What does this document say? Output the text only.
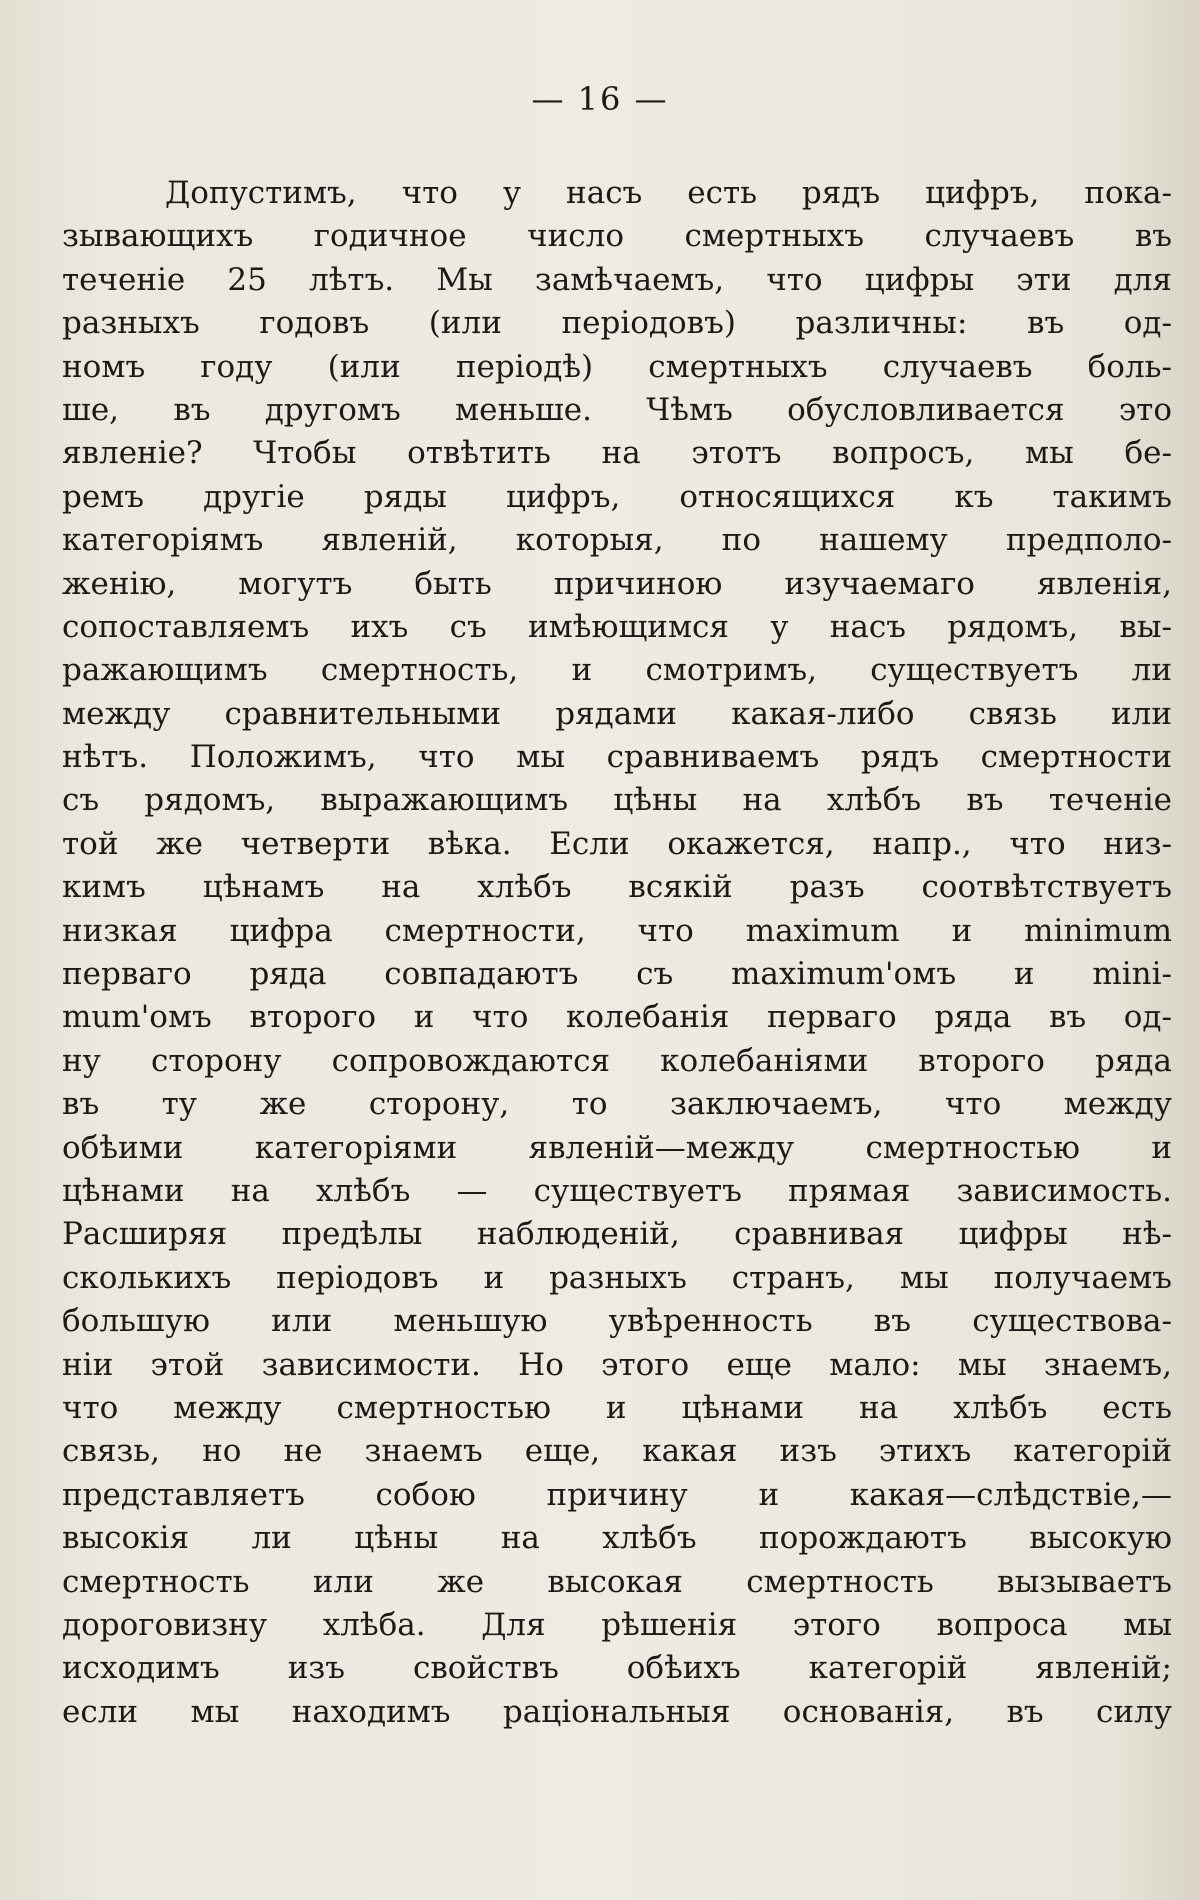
— 16 —
Допустимъ, что у насъ есть рядъ цифръ, пока-
зывающихъ годичное число смертныхъ случаевъ въ
теченіе 25 лѣтъ. Мы замѣчаемъ, что цифры эти для
разныхъ годовъ (или періодовъ) различны: въ од-
номъ году (или періодѣ) смертныхъ случаевъ боль-
ше, въ другомъ меньше. Чѣмъ обусловливается это
явленіе? Чтобы отвѣтить на этотъ вопросъ, мы бе-
ремъ другіе ряды цифръ, относящихся къ такимъ
категоріямъ явленій, которыя, по нашему предполо-
женію, могутъ быть причиною изучаемаго явленія,
сопоставляемъ ихъ съ имѣющимся у насъ рядомъ, вы-
ражающимъ смертность, и смотримъ, существуетъ ли
между сравнительными рядами какая-либо связь или
нѣтъ. Положимъ, что мы сравниваемъ рядъ смертности
съ рядомъ, выражающимъ цѣны на хлѣбъ въ теченіе
той же четверти вѣка. Если окажется, напр., что низ-
кимъ цѣнамъ на хлѣбъ всякій разъ соотвѣтствуетъ
низкая цифра смертности, что maximum и minimum
перваго ряда совпадаютъ съ maximum'омъ и mini-
mum'омъ второго и что колебанія перваго ряда въ од-
ну сторону сопровождаются колебаніями второго ряда
въ ту же сторону, то заключаемъ, что между
обѣими категоріями явленій—между смертностью и
цѣнами на хлѣбъ — существуетъ прямая зависимость.
Расширяя предѣлы наблюденій, сравнивая цифры нѣ-
сколькихъ періодовъ и разныхъ странъ, мы получаемъ
большую или меньшую увѣренность въ существова-
ніи этой зависимости. Но этого еще мало: мы знаемъ,
что между смертностью и цѣнами на хлѣбъ есть
связь, но не знаемъ еще, какая изъ этихъ категорій
представляетъ собою причину и какая—слѣдствіе,—
высокія ли цѣны на хлѣбъ порождаютъ высокую
смертность или же высокая смертность вызываетъ
дороговизну хлѣба. Для рѣшенія этого вопроса мы
исходимъ изъ свойствъ обѣихъ категорій явленій;
если мы находимъ раціональныя основанія, въ силу
